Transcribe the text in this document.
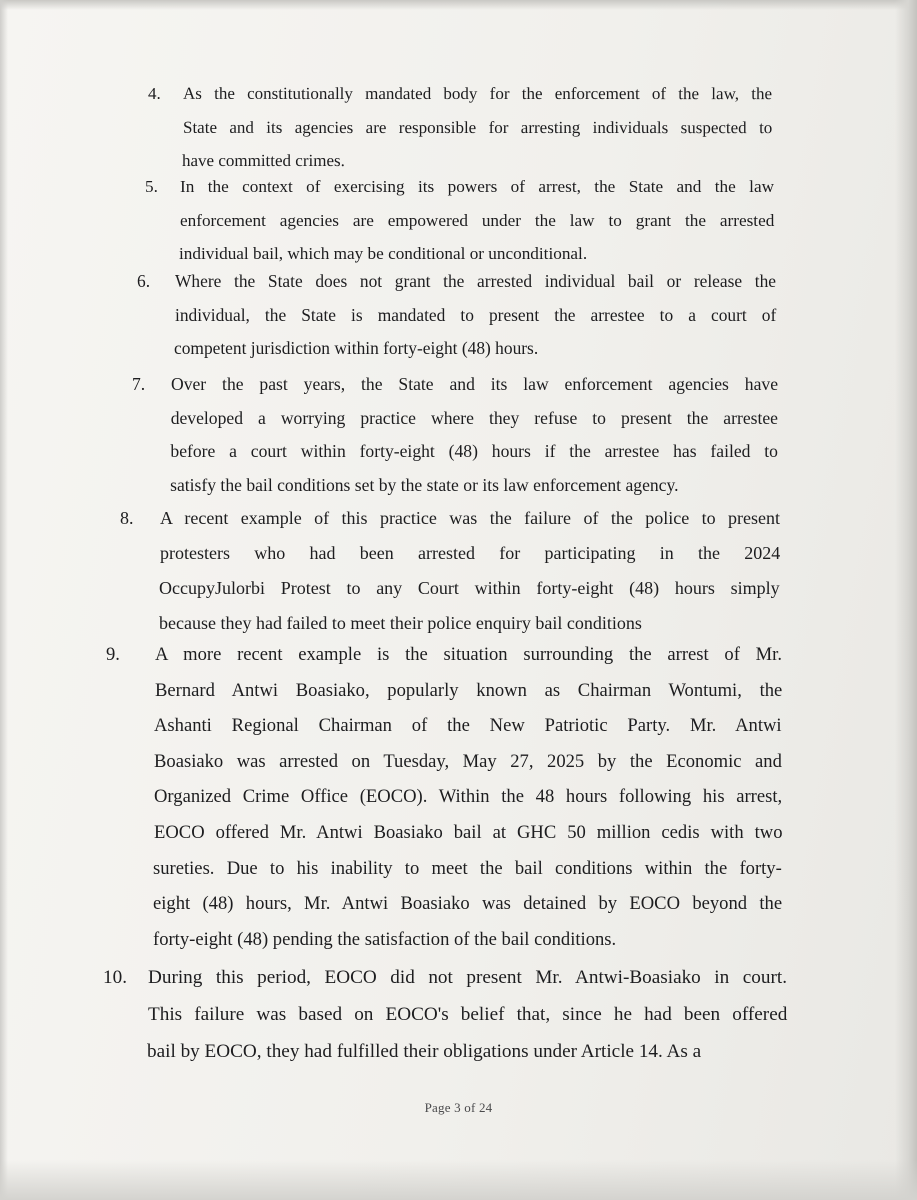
4. As the constitutionally mandated body for the enforcement of the law, the
State and its agencies are responsible for arresting individuals suspected to
have committed crimes.
5. In the context of exercising its powers of arrest, the State and the law
enforcement agencies are empowered under the law to grant the arrested
individual bail, which may be conditional or unconditional.
6. Where the State does not grant the arrested individual bail or release the
individual, the State is mandated to present the arrestee to a court of
competent jurisdiction within forty-eight (48) hours.
7. Over the past years, the State and its law enforcement agencies have
developed a worrying practice where they refuse to present the arrestee
before a court within forty-eight (48) hours if the arrestee has failed to
satisfy the bail conditions set by the state or its law enforcement agency.
8. A recent example of this practice was the failure of the police to present
protesters who had been arrested for participating in the 2024
OccupyJulorbi Protest to any Court within forty-eight (48) hours simply
because they had failed to meet their police enquiry bail conditions
9. A more recent example is the situation surrounding the arrest of Mr.
Bernard Antwi Boasiako, popularly known as Chairman Wontumi, the
Ashanti Regional Chairman of the New Patriotic Party. Mr. Antwi
Boasiako was arrested on Tuesday, May 27, 2025 by the Economic and
Organized Crime Office (EOCO). Within the 48 hours following his arrest,
EOCO offered Mr. Antwi Boasiako bail at GHC 50 million cedis with two
sureties. Due to his inability to meet the bail conditions within the forty-
eight (48) hours, Mr. Antwi Boasiako was detained by EOCO beyond the
forty-eight (48) pending the satisfaction of the bail conditions.
10. During this period, EOCO did not present Mr. Antwi-Boasiako in court.
This failure was based on EOCO's belief that, since he had been offered
bail by EOCO, they had fulfilled their obligations under Article 14. As a
Page 3 of 24
